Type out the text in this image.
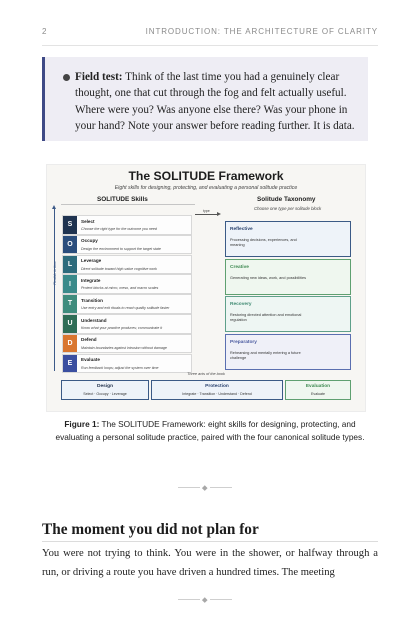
2	INTRODUCTION: THE ARCHITECTURE OF CLARITY

Field test: Think of the last time you had a genuinely clear thought, one that cut through the fog and felt actually useful. Where were you? Was anyone else there? Was your phone in your hand? Note your answer before reading further. It is data.

The SOLITUDE Framework
Eight skills for designing, protecting, and evaluating a personal solitude practice
SOLITUDE Skills	Solitude Taxonomy
Choose one type per solitude block
Flexible in time
S
Select
Choose the right type for the outcome you need
O
Occupy
Design the environment to support the target state
L
Leverage
Direct solitude toward high-value cognitive work
I
Integrate
Protect blocks at micro, meso, and macro scales
T
Transition
Use entry and exit rituals to reach quality solitude faster
U
Understand
Know what your practice produces; communicate it
D
Defend
Maintain boundaries against intrusion without damage
E
Evaluate
Run feedback loops; adjust the system over time
type
Reflective
Processing decisions, experiences, and meaning
Creative
Generating new ideas, work, and possibilities
Recovery
Restoring directed attention and emotional regulation
Preparatory
Rehearsing and mentally entering a future challenge
Three acts of the book
Design
Select · Occupy · Leverage
Protection
Integrate · Transition · Understand · Defend
Evaluation
Evaluate
Figure 1: The SOLITUDE Framework: eight skills for designing, protecting, and evaluating a personal solitude practice, paired with the four canonical solitude types.
The moment you did not plan for
You were not trying to think. You were in the shower, or halfway through a run, or driving a route you have driven a hundred times. The meeting
